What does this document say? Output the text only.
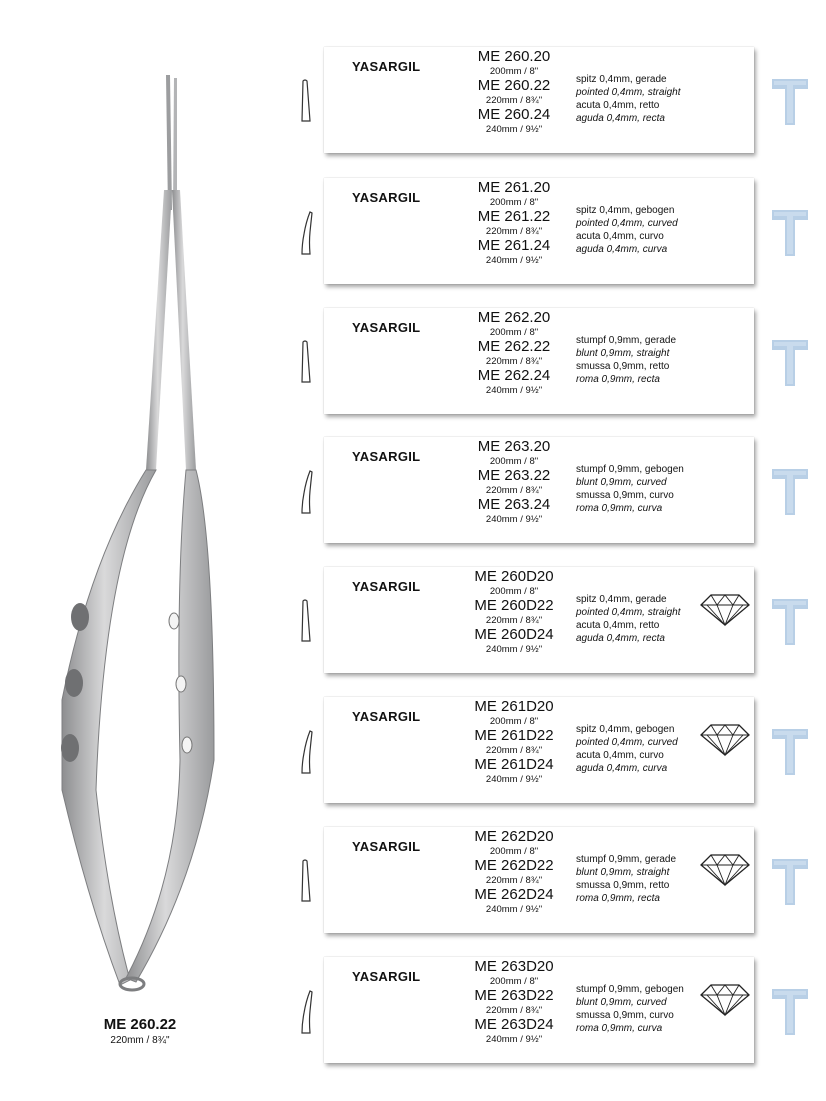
ME 260.22
220mm / 8¾"
YASARGIL
ME 260.20
200mm / 8"
ME 260.22
220mm / 8¾"
ME 260.24
240mm / 9½"
spitz 0,4mm, gerade
pointed 0,4mm, straight
acuta 0,4mm, retto
aguda 0,4mm, recta
YASARGIL
ME 261.20
200mm / 8"
ME 261.22
220mm / 8¾"
ME 261.24
240mm / 9½"
spitz 0,4mm, gebogen
pointed 0,4mm, curved
acuta 0,4mm, curvo
aguda 0,4mm, curva
YASARGIL
ME 262.20
200mm / 8"
ME 262.22
220mm / 8¾"
ME 262.24
240mm / 9½"
stumpf 0,9mm, gerade
blunt 0,9mm, straight
smussa 0,9mm, retto
roma 0,9mm, recta
YASARGIL
ME 263.20
200mm / 8"
ME 263.22
220mm / 8¾"
ME 263.24
240mm / 9½"
stumpf 0,9mm, gebogen
blunt 0,9mm, curved
smussa 0,9mm, curvo
roma 0,9mm, curva
YASARGIL
ME 260D20
200mm / 8"
ME 260D22
220mm / 8¾"
ME 260D24
240mm / 9½"
spitz 0,4mm, gerade
pointed 0,4mm, straight
acuta 0,4mm, retto
aguda 0,4mm, recta
YASARGIL
ME 261D20
200mm / 8"
ME 261D22
220mm / 8¾"
ME 261D24
240mm / 9½"
spitz 0,4mm, gebogen
pointed 0,4mm, curved
acuta 0,4mm, curvo
aguda 0,4mm, curva
YASARGIL
ME 262D20
200mm / 8"
ME 262D22
220mm / 8¾"
ME 262D24
240mm / 9½"
stumpf 0,9mm, gerade
blunt 0,9mm, straight
smussa 0,9mm, retto
roma 0,9mm, recta
YASARGIL
ME 263D20
200mm / 8"
ME 263D22
220mm / 8¾"
ME 263D24
240mm / 9½"
stumpf 0,9mm, gebogen
blunt 0,9mm, curved
smussa 0,9mm, curvo
roma 0,9mm, curva
